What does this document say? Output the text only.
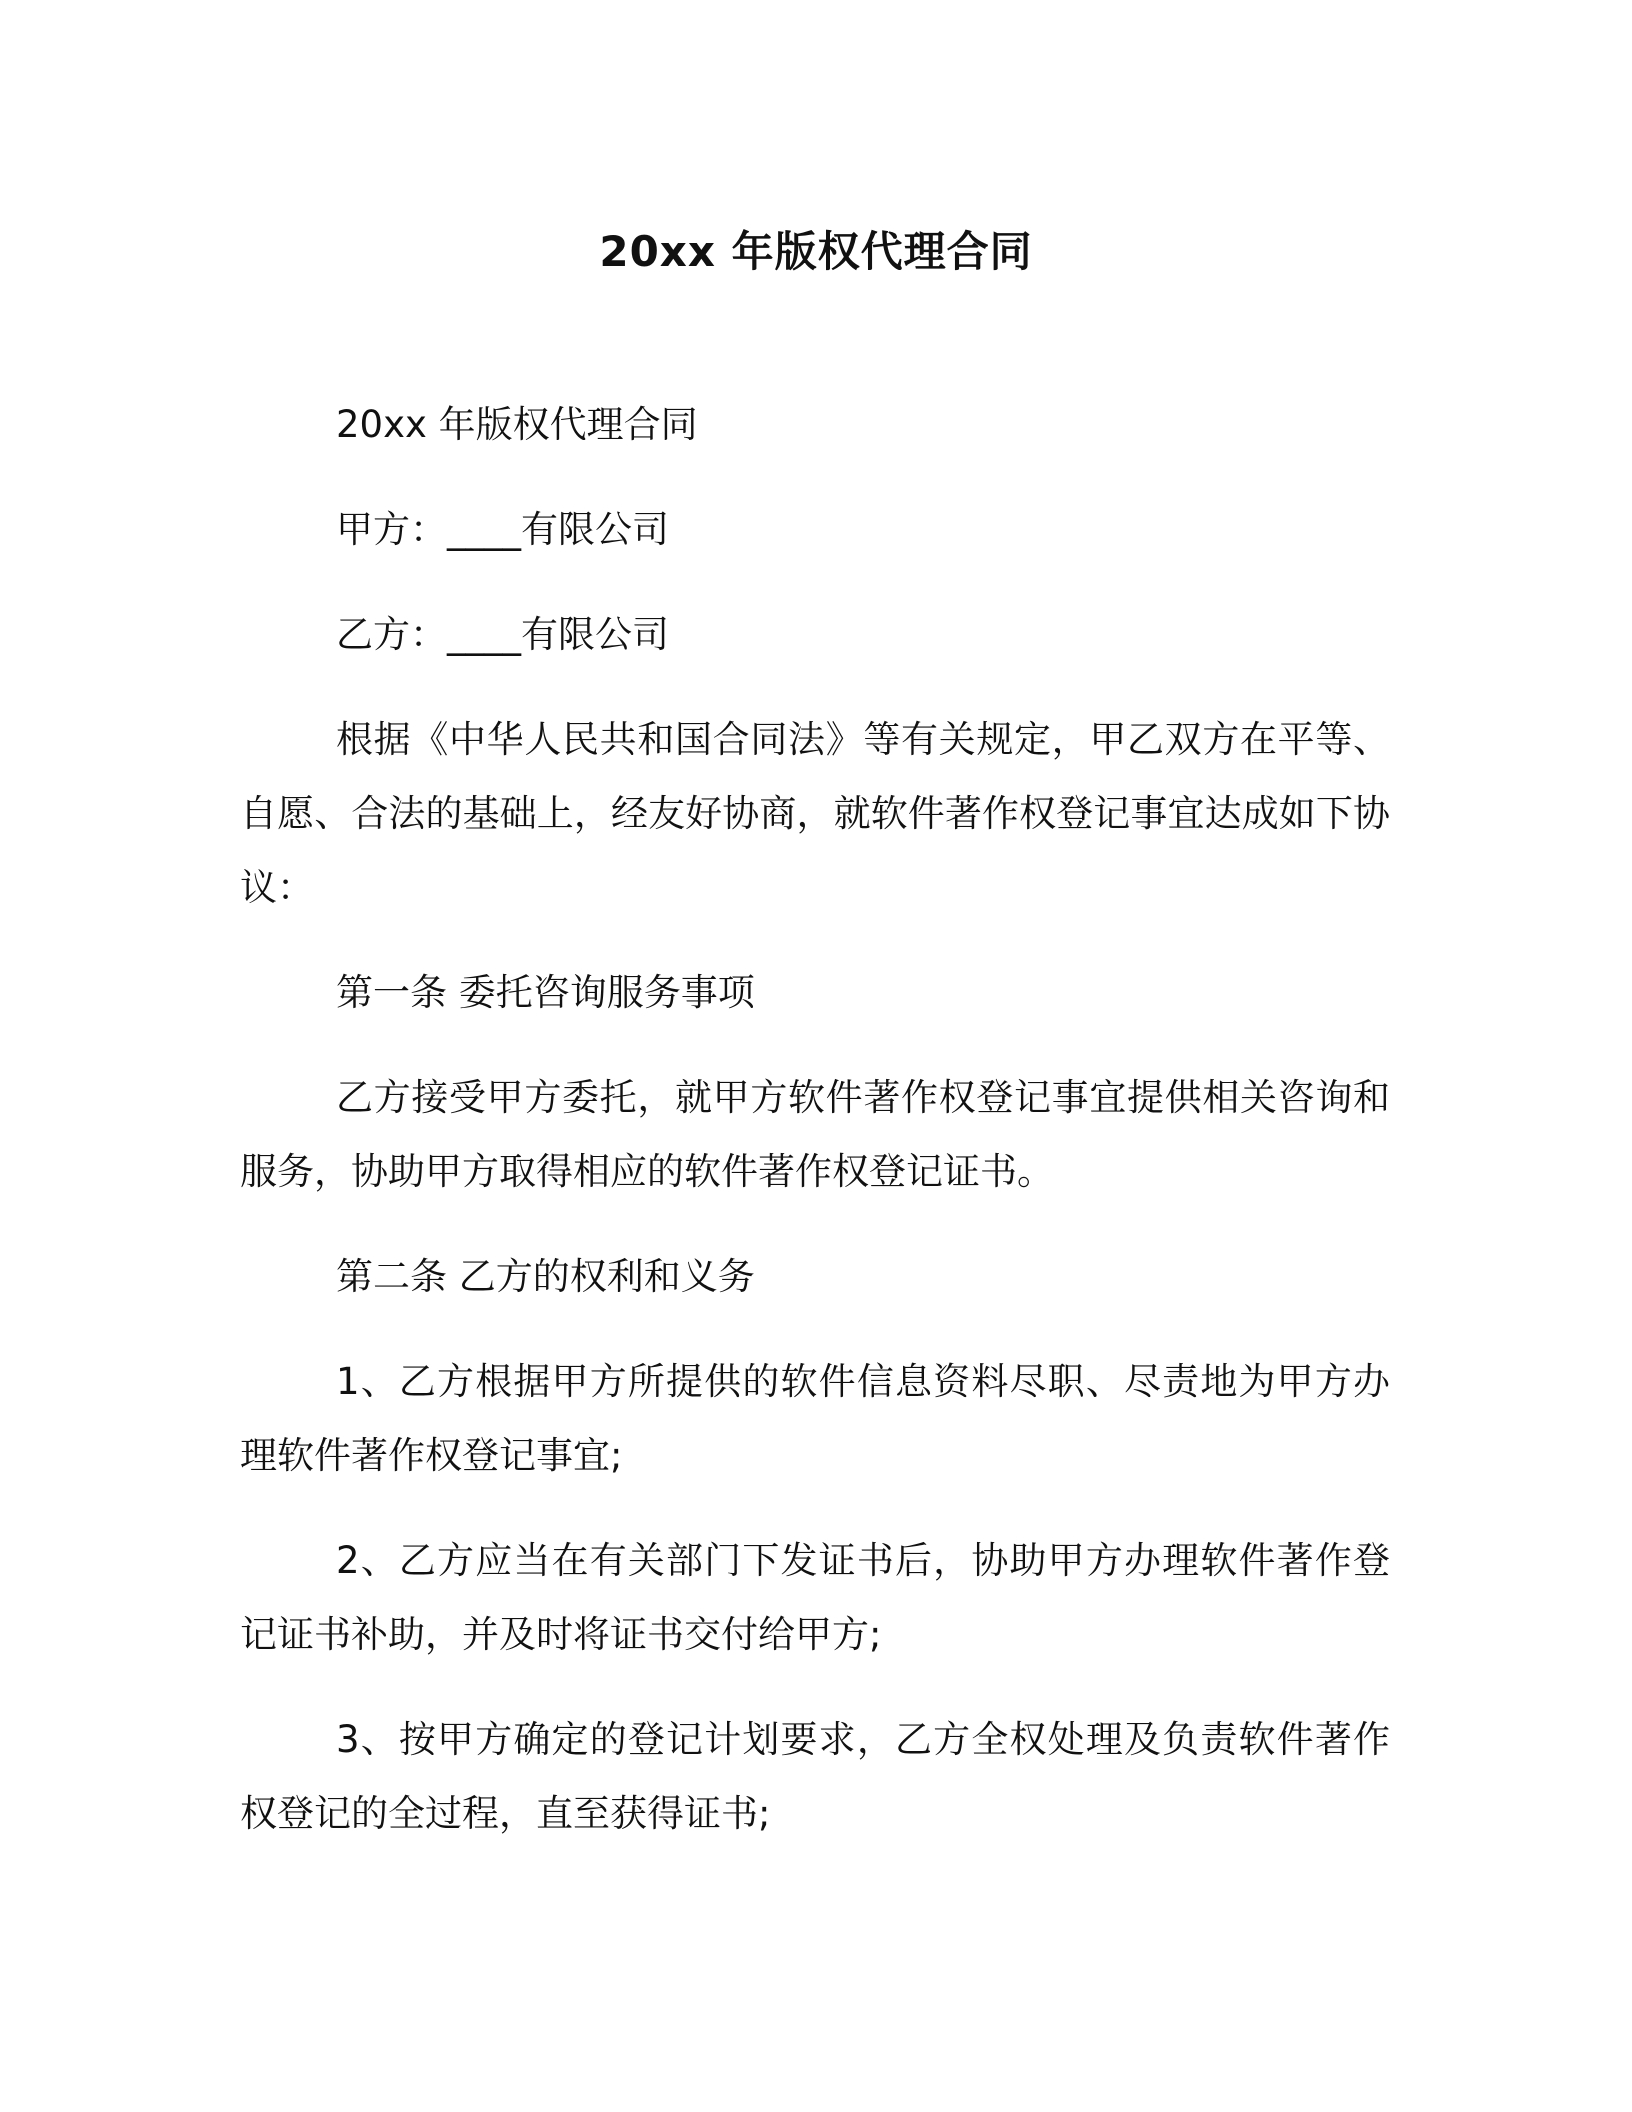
20xx 年版权代理合同

20xx 年版权代理合同

甲方：____有限公司

乙方：____有限公司

根据《中华人民共和国合同法》等有关规定，甲乙双方在平等、自愿、合法的基础上，经友好协商，就软件著作权登记事宜达成如下协议：

第一条 委托咨询服务事项

乙方接受甲方委托，就甲方软件著作权登记事宜提供相关咨询和服务，协助甲方取得相应的软件著作权登记证书。

第二条 乙方的权利和义务

1、乙方根据甲方所提供的软件信息资料尽职、尽责地为甲方办理软件著作权登记事宜;

2、乙方应当在有关部门下发证书后，协助甲方办理软件著作登记证书补助，并及时将证书交付给甲方;

3、按甲方确定的登记计划要求，乙方全权处理及负责软件著作权登记的全过程，直至获得证书;
